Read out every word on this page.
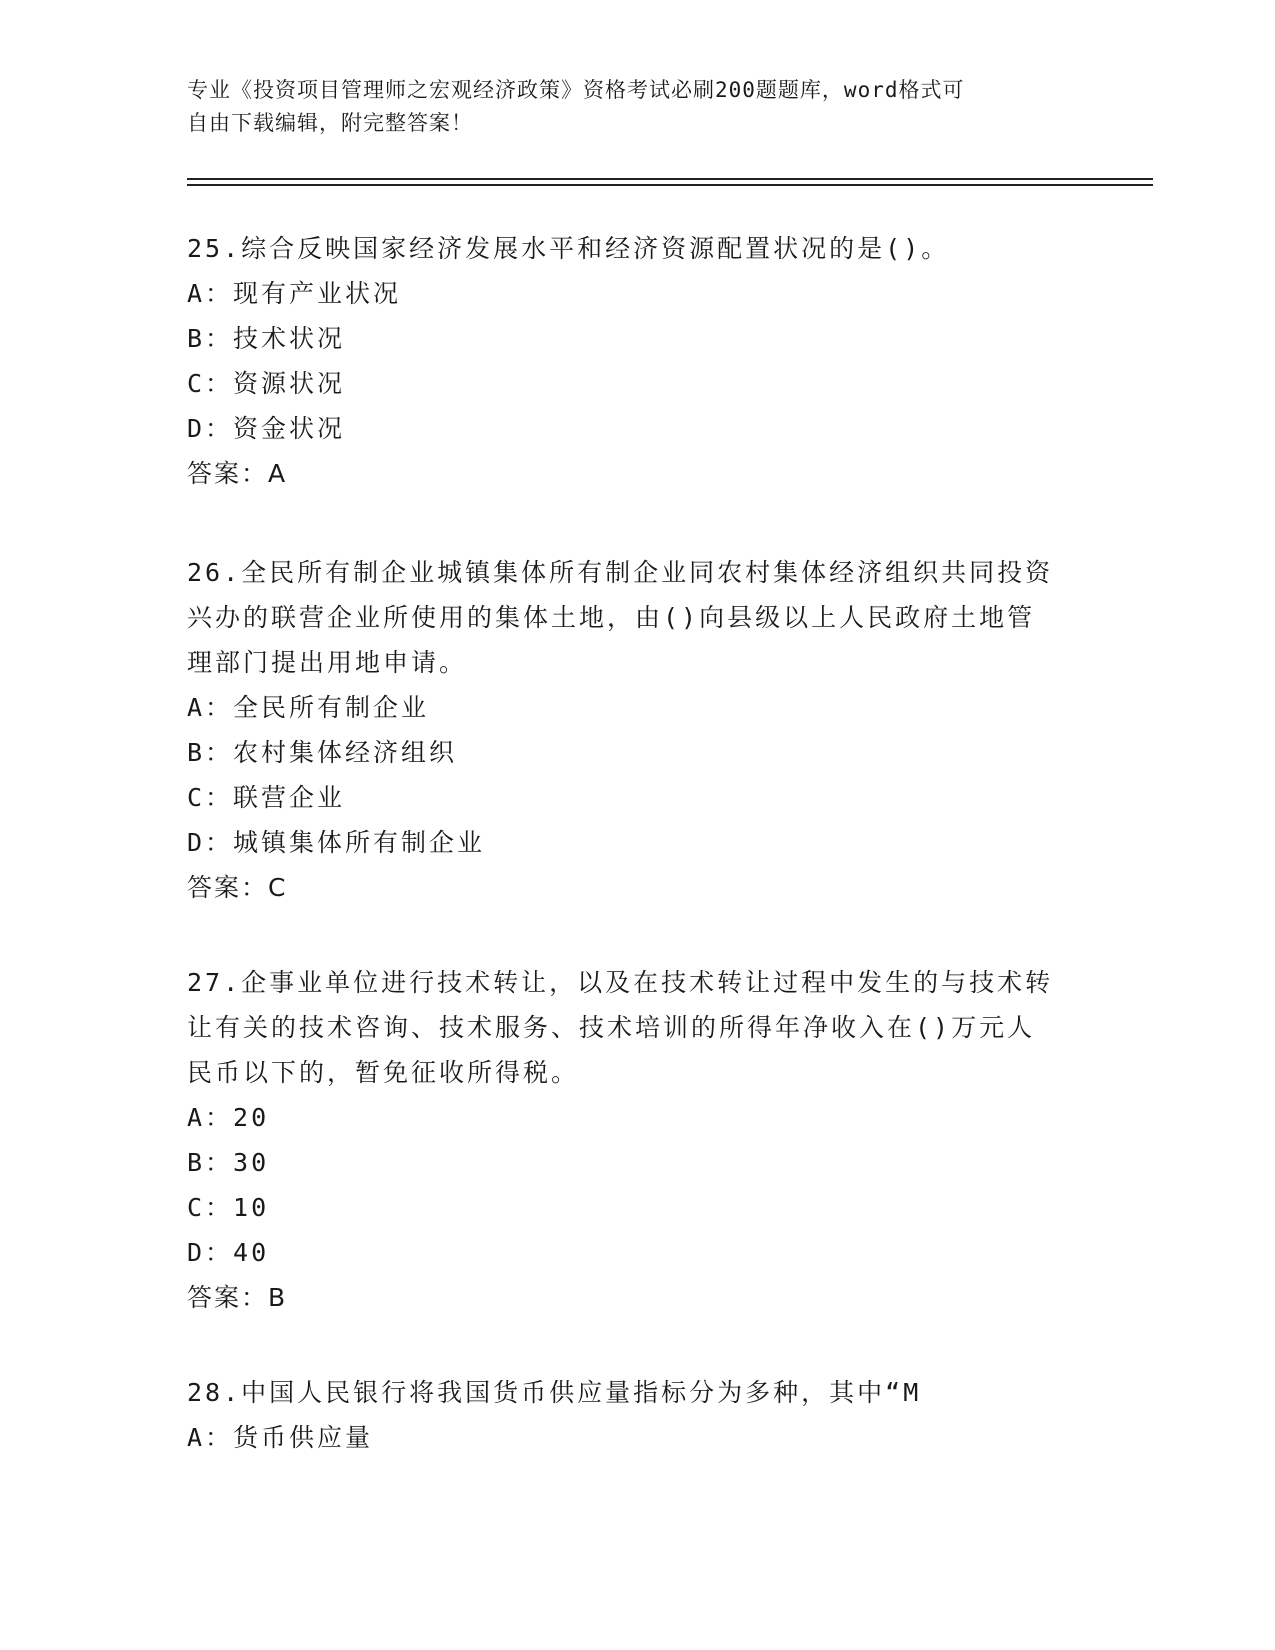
专业《投资项目管理师之宏观经济政策》资格考试必刷200题题库，word格式可
自由下载编辑，附完整答案！
25.综合反映国家经济发展水平和经济资源配置状况的是()。
A：现有产业状况
B：技术状况
C：资源状况
D：资金状况
答案：A
26.全民所有制企业城镇集体所有制企业同农村集体经济组织共同投资
兴办的联营企业所使用的集体土地，由()向县级以上人民政府土地管
理部门提出用地申请。
A：全民所有制企业
B：农村集体经济组织
C：联营企业
D：城镇集体所有制企业
答案：C
27.企事业单位进行技术转让，以及在技术转让过程中发生的与技术转
让有关的技术咨询、技术服务、技术培训的所得年净收入在()万元人
民币以下的，暂免征收所得税。
A：20
B：30
C：10
D：40
答案：B
28.中国人民银行将我国货币供应量指标分为多种，其中“M
A：货币供应量
